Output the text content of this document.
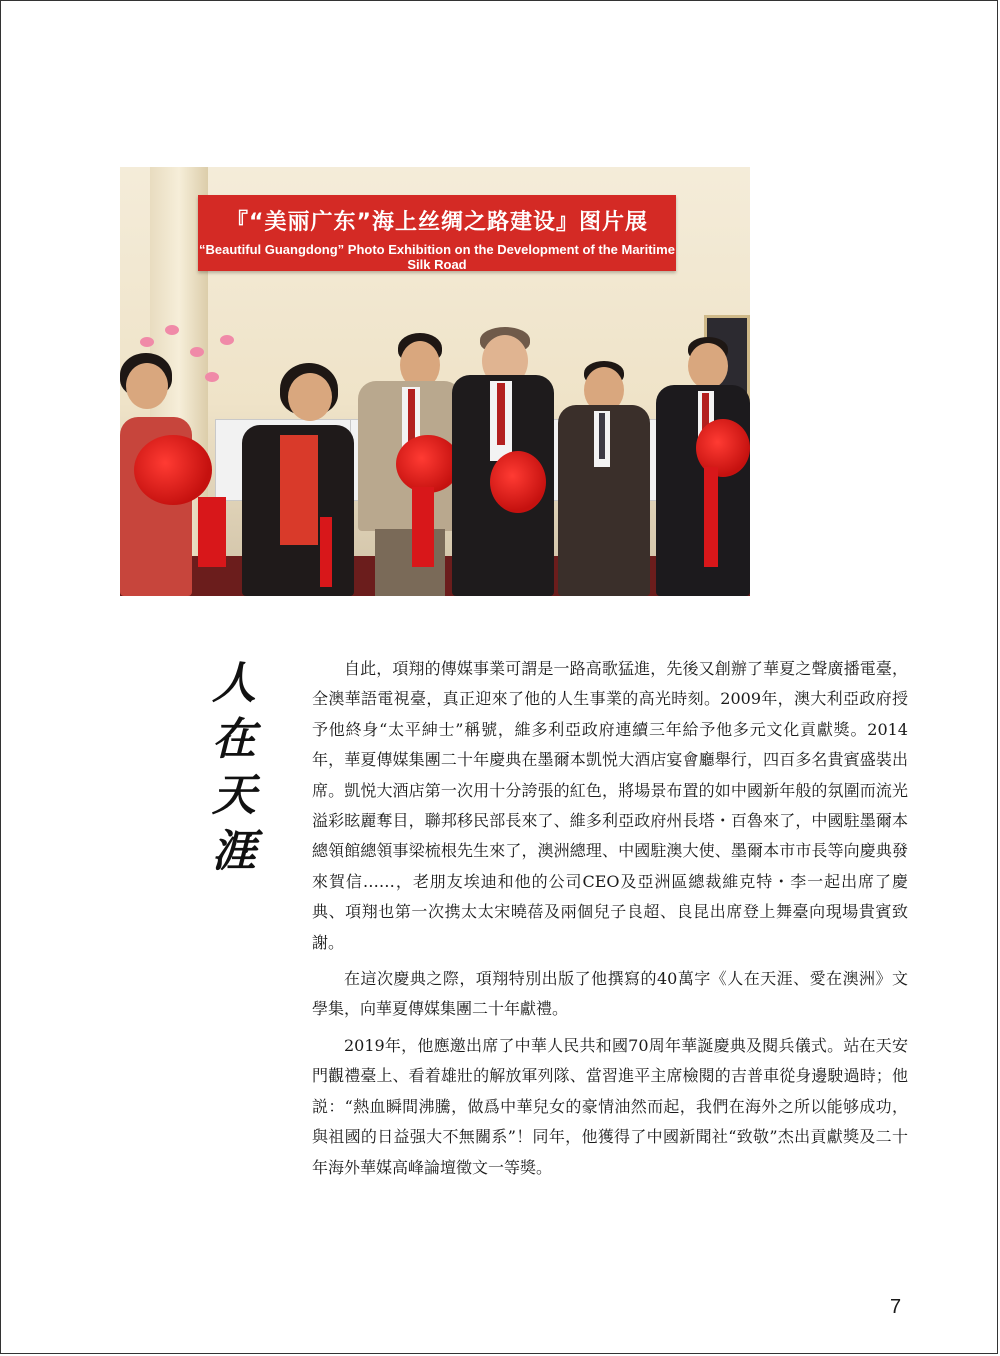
『“美丽广东”海上丝绸之路建设』图片展
“Beautiful Guangdong” Photo Exhibition on the Development of the Maritime Silk Road
人
在
天
涯

自此，項翔的傳媒事業可謂是一路高歌猛進，先後又創辦了華夏之聲廣播電臺，全澳華語電視臺，真正迎來了他的人生事業的高光時刻。2009年，澳大利亞政府授予他終身“太平紳士”稱號，維多利亞政府連續三年給予他多元文化貢獻獎。2014年，華夏傳媒集團二十年慶典在墨爾本凱悦大酒店宴會廳舉行，四百多名貴賓盛裝出席。凱悦大酒店第一次用十分誇張的紅色，將場景布置的如中國新年般的氛圍而流光溢彩眩麗奪目，聯邦移民部長來了、維多利亞政府州長塔・百魯來了，中國駐墨爾本總領館總領事梁梳根先生來了，澳洲總理、中國駐澳大使、墨爾本市市長等向慶典發來賀信……，老朋友埃迪和他的公司CEO及亞洲區總裁維克特・李一起出席了慶典、項翔也第一次携太太宋曉蓓及兩個兒子良超、良昆出席登上舞臺向現場貴賓致謝。

在這次慶典之際，項翔特別出版了他撰寫的40萬字《人在天涯、愛在澳洲》文學集，向華夏傳媒集團二十年獻禮。

2019年，他應邀出席了中華人民共和國70周年華誕慶典及閱兵儀式。站在天安門觀禮臺上、看着雄壯的解放軍列隊、當習進平主席檢閱的吉普車從身邊駛過時；他説：“熱血瞬間沸騰，做爲中華兒女的豪情油然而起，我們在海外之所以能够成功，與祖國的日益强大不無關系”！同年，他獲得了中國新聞社“致敬”杰出貢獻獎及二十年海外華媒高峰論壇徵文一等獎。

7
